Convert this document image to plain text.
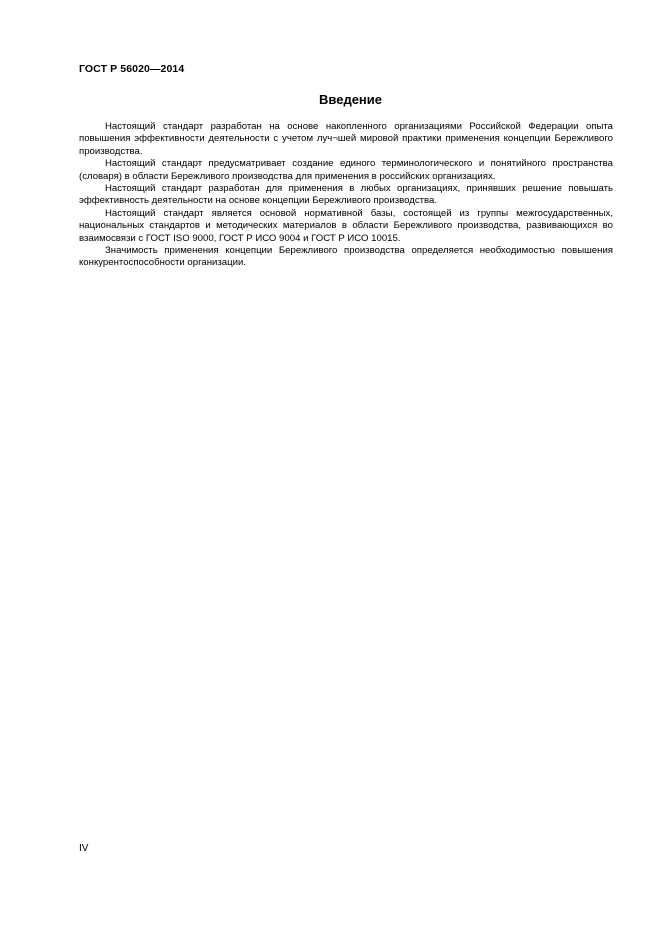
ГОСТ Р 56020—2014
Введение

Настоящий стандарт разработан на основе накопленного организациями Российской Федерации опыта повышения эффективности деятельности с учетом луч¬шей мировой практики применения концепции Бережливого производства.

Настоящий стандарт предусматривает создание единого терминологического и понятийного пространства (словаря) в области Бережливого производства для применения в российских организациях.

Настоящий стандарт разработан для применения в любых организациях, принявших решение повышать эффективность деятельности на основе концепции Бережливого производства.

Настоящий стандарт является основой нормативной базы, состоящей из группы межгосударственных, национальных стандартов и методических материалов в области Бережливого производства, развивающихся во взаимосвязи с ГОСТ ISO 9000, ГОСТ Р ИСО 9004 и ГОСТ Р ИСО 10015.

Значимость применения концепции Бережливого производства определяется необходимостью повышения конкурентоспособности организации.

IV
